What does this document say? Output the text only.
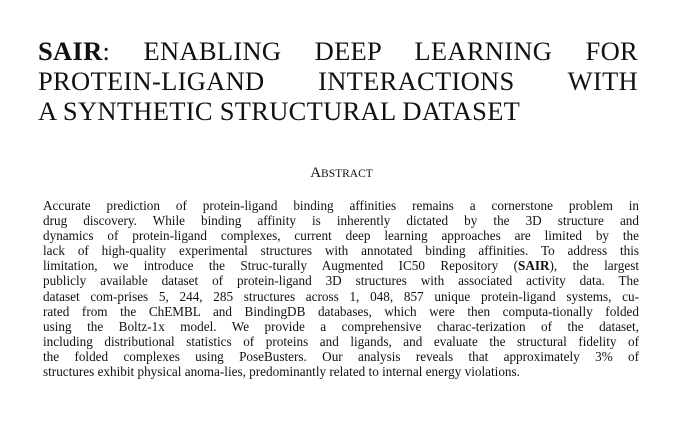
SAIR: ENABLING DEEP LEARNING FOR
PROTEIN-LIGAND INTERACTIONS WITH
A SYNTHETIC STRUCTURAL DATASET
ABSTRACT
Accurate prediction of protein-ligand binding affinities remains a cornerstone problem in
drug discovery. While binding affinity is inherently dictated by the 3D structure and
dynamics of protein-ligand complexes, current deep learning approaches are limited by the
lack of high-quality experimental structures with annotated binding affinities. To address this
limitation, we introduce the Struc-turally Augmented IC50 Repository (SAIR), the largest
publicly available dataset of protein-ligand 3D structures with associated activity data. The
dataset com-prises 5, 244, 285 structures across 1, 048, 857 unique protein-ligand systems, cu-
rated from the ChEMBL and BindingDB databases, which were then computa-tionally folded
using the Boltz-1x model. We provide a comprehensive charac-terization of the dataset,
including distributional statistics of proteins and ligands, and evaluate the structural fidelity of
the folded complexes using PoseBusters. Our analysis reveals that approximately 3% of
structures exhibit physical anoma-lies, predominantly related to internal energy violations.
